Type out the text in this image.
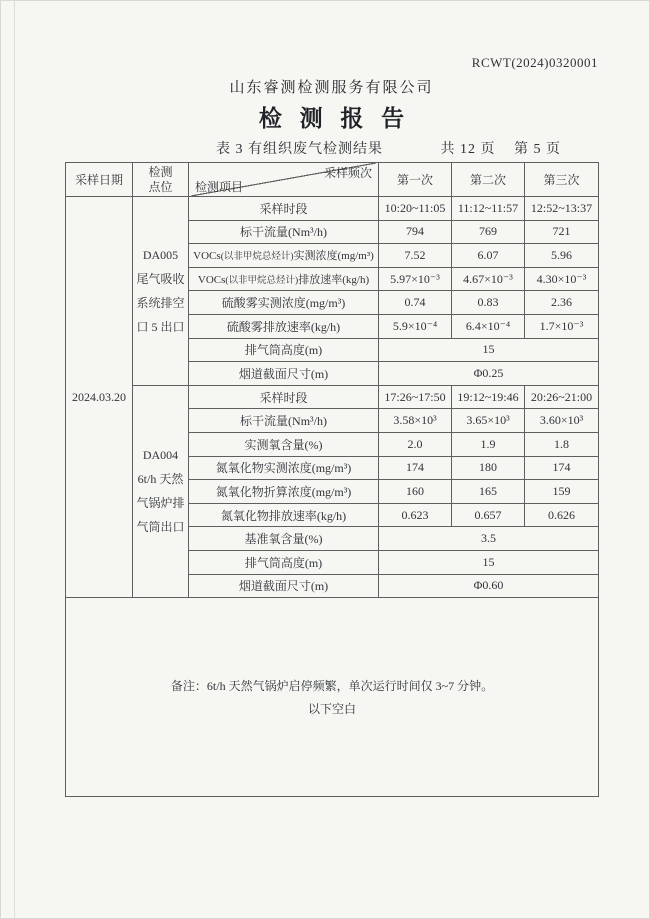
RCWT(2024)0320001
山东睿测检测服务有限公司
检 测 报 告
表 3 有组织废气检测结果	共 12 页 第 5 页
采样日期	检测点位	采样频次
检测项目	第一次	第二次	第三次
2024.03.20	DA005
尾气吸收
系统排空
口 5 出口	采样时段	10:20~11:05	11:12~11:57	12:52~13:37
		标干流量(Nm³/h)	794	769	721
		VOCs(以非甲烷总烃计)实测浓度(mg/m³)	7.52	6.07	5.96
		VOCs(以非甲烷总烃计)排放速率(kg/h)	5.97×10⁻³	4.67×10⁻³	4.30×10⁻³
		硫酸雾实测浓度(mg/m³)	0.74	0.83	2.36
		硫酸雾排放速率(kg/h)	5.9×10⁻⁴	6.4×10⁻⁴	1.7×10⁻³
		排气筒高度(m)	15		
		烟道截面尺寸(m)	Φ0.25		

	DA004
6t/h 天然
气锅炉排
气筒出口	采样时段	17:26~17:50	19:12~19:46	20:26~21:00
		标干流量(Nm³/h)	3.58×10³	3.65×10³	3.60×10³
		实测氧含量(%)	2.0	1.9	1.8
		氮氧化物实测浓度(mg/m³)	174	180	174
		氮氧化物折算浓度(mg/m³)	160	165	159
		氮氧化物排放速率(kg/h)	0.623	0.657	0.626
		基准氧含量(%)	3.5		
		排气筒高度(m)	15		
		烟道截面尺寸(m)	Φ0.60		

备注：6t/h 天然气锅炉启停频繁，单次运行时间仅 3~7 分钟。
以下空白					
